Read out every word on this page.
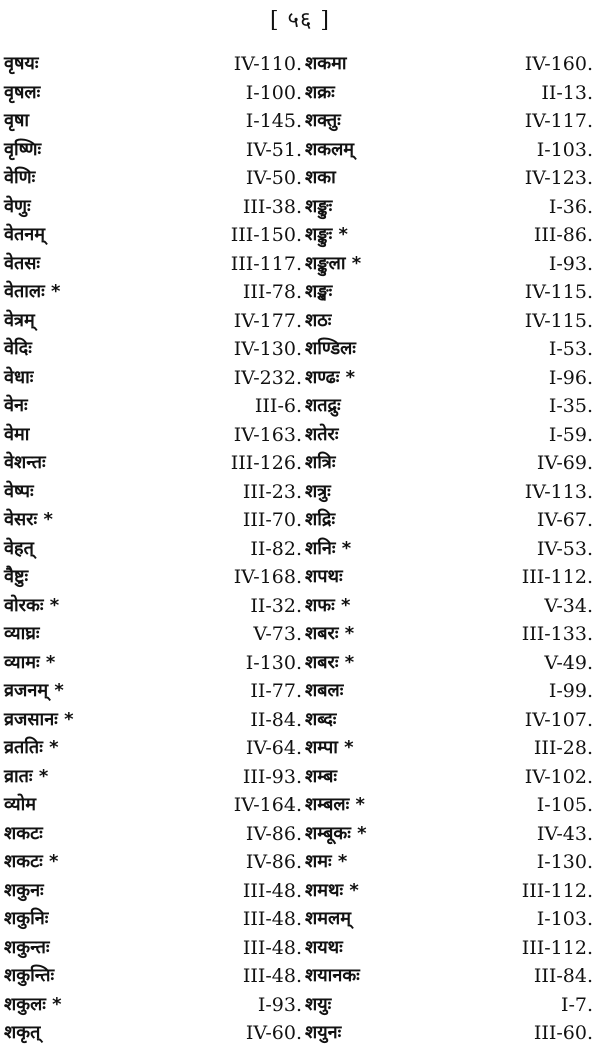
[ ५६ ]
वृषयः	IV-110.
वृषलः	I-100.
वृषा	I-145.
वृष्णिः	IV-51.
वेणिः	IV-50.
वेणुः	III-38.
वेतनम्	III-150.
वेतसः	III-117.
वेतालः *	III-78.
वेत्रम्	IV-177.
वेदिः	IV-130.
वेधाः	IV-232.
वेनः	III-6.
वेमा	IV-163.
वेशन्तः	III-126.
वेष्पः	III-23.
वेसरः *	III-70.
वेहत्	II-82.
वैष्टुः	IV-168.
वोरकः *	II-32.
व्याघ्रः	V-73.
व्यामः *	I-130.
व्रजनम् *	II-77.
व्रजसानः *	II-84.
व्रततिः *	IV-64.
व्रातः *	III-93.
व्योम	IV-164.
शकटः	IV-86.
शकटः *	IV-86.
शकुनः	III-48.
शकुनिः	III-48.
शकुन्तः	III-48.
शकुन्तिः	III-48.
शकुलः *	I-93.
शकृत्	IV-60.
शकमा	IV-160.
शक्रः	II-13.
शक्तुः	IV-117.
शकलम्	I-103.
शका	IV-123.
शङ्कुः	I-36.
शङ्कुः *	III-86.
शङ्कुला *	I-93.
शङ्खः	IV-115.
शठः	IV-115.
शण्डिलः	I-53.
शण्ढः *	I-96.
शतद्रुः	I-35.
शतेरः	I-59.
शत्रिः	IV-69.
शत्रुः	IV-113.
शद्रिः	IV-67.
शनिः *	IV-53.
शपथः	III-112.
शफः *	V-34.
शबरः *	III-133.
शबरः *	V-49.
शबलः	I-99.
शब्दः	IV-107.
शम्पा *	III-28.
शम्बः	IV-102.
शम्बलः *	I-105.
शम्बूकः *	IV-43.
शमः *	I-130.
शमथः *	III-112.
शमलम्	I-103.
शयथः	III-112.
शयानकः	III-84.
शयुः	I-7.
शयुनः	III-60.
